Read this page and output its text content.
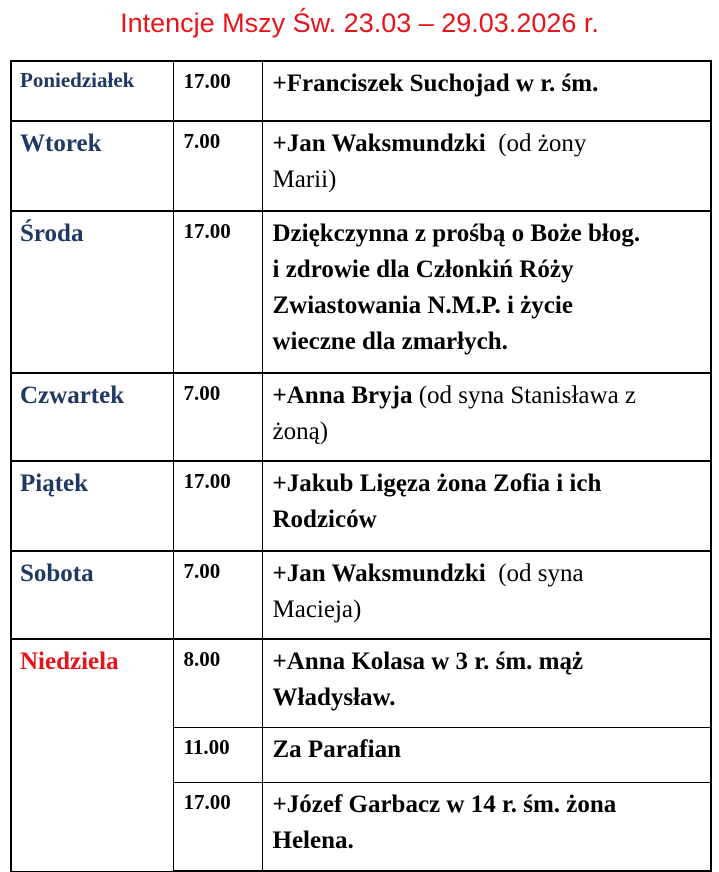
Intencje Mszy Św. 23.03 – 29.03.2026 r.
Poniedziałek	17.00	+Franciszek Suchojad w r. śm.

Wtorek	7.00	+Jan Waksmundzki (od żony
Marii)

Środa	17.00	Dziękczynna z prośbą o Boże błog.
i zdrowie dla Członkiń Róży
Zwiastowania N.M.P. i życie
wieczne dla zmarłych.

Czwartek	7.00	+Anna Bryja (od syna Stanisława z
żoną)

Piątek	17.00	+Jakub Ligęza żona Zofia i ich
Rodziców

Sobota	7.00	+Jan Waksmundzki (od syna
Macieja)

Niedziela	8.00	+Anna Kolasa w 3 r. śm. mąż
Władysław.

	11.00	Za Parafian

	17.00	+Józef Garbacz w 14 r. śm. żona
Helena.
